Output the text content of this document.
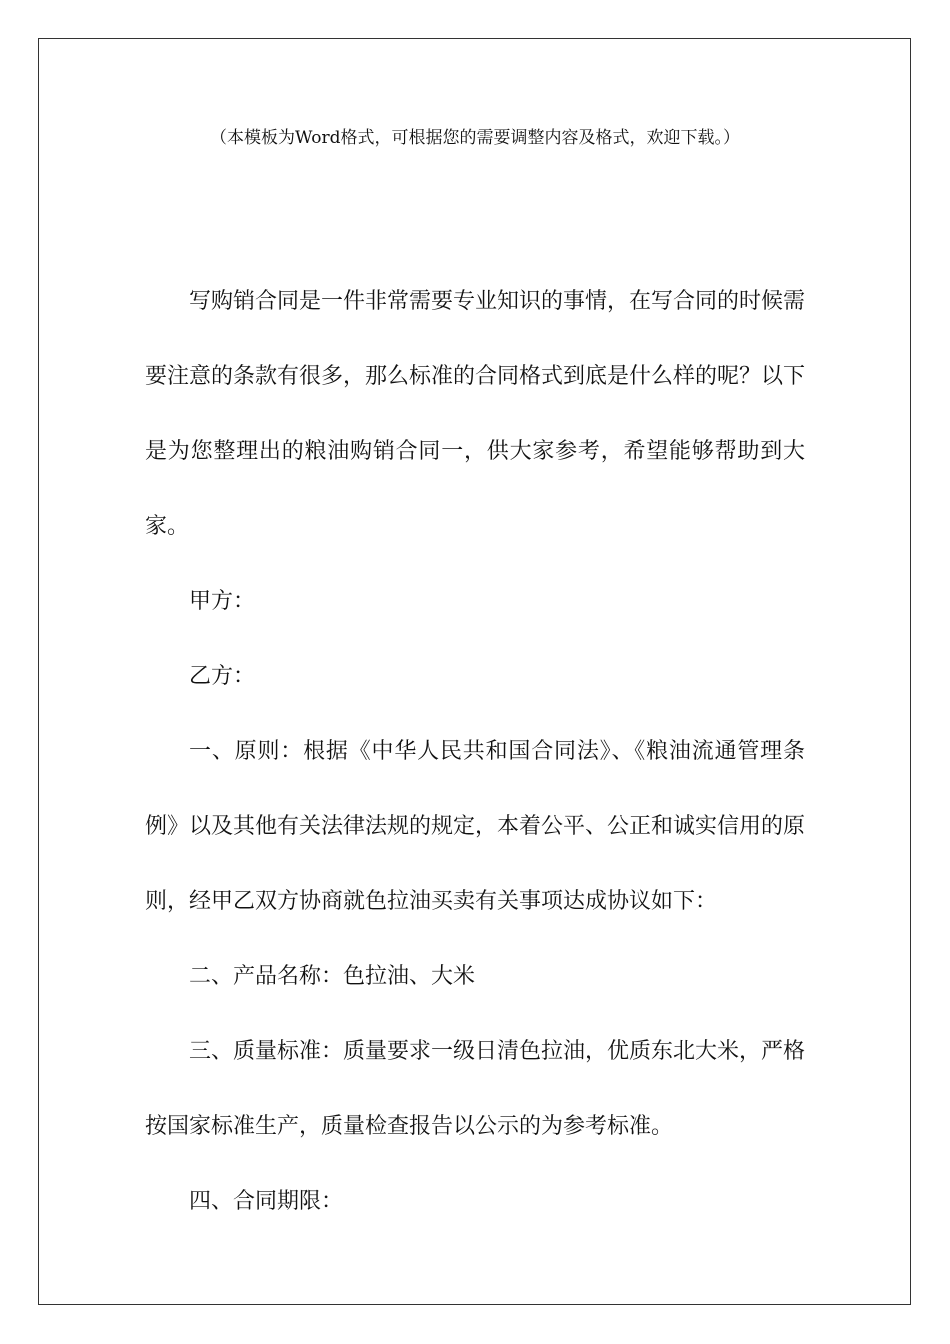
（本模板为Word格式，可根据您的需要调整内容及格式，欢迎下载。）

写购销合同是一件非常需要专业知识的事情，在写合同的时候需要注意的条款有很多，那么标准的合同格式到底是什么样的呢？以下是为您整理出的粮油购销合同一，供大家参考，希望能够帮助到大家。

甲方：

乙方：

一、原则：根据《中华人民共和国合同法》、《粮油流通管理条例》以及其他有关法律法规的规定，本着公平、公正和诚实信用的原则，经甲乙双方协商就色拉油买卖有关事项达成协议如下：

二、产品名称：色拉油、大米

三、质量标准：质量要求一级日清色拉油，优质东北大米，严格按国家标准生产，质量检查报告以公示的为参考标准。

四、合同期限：
